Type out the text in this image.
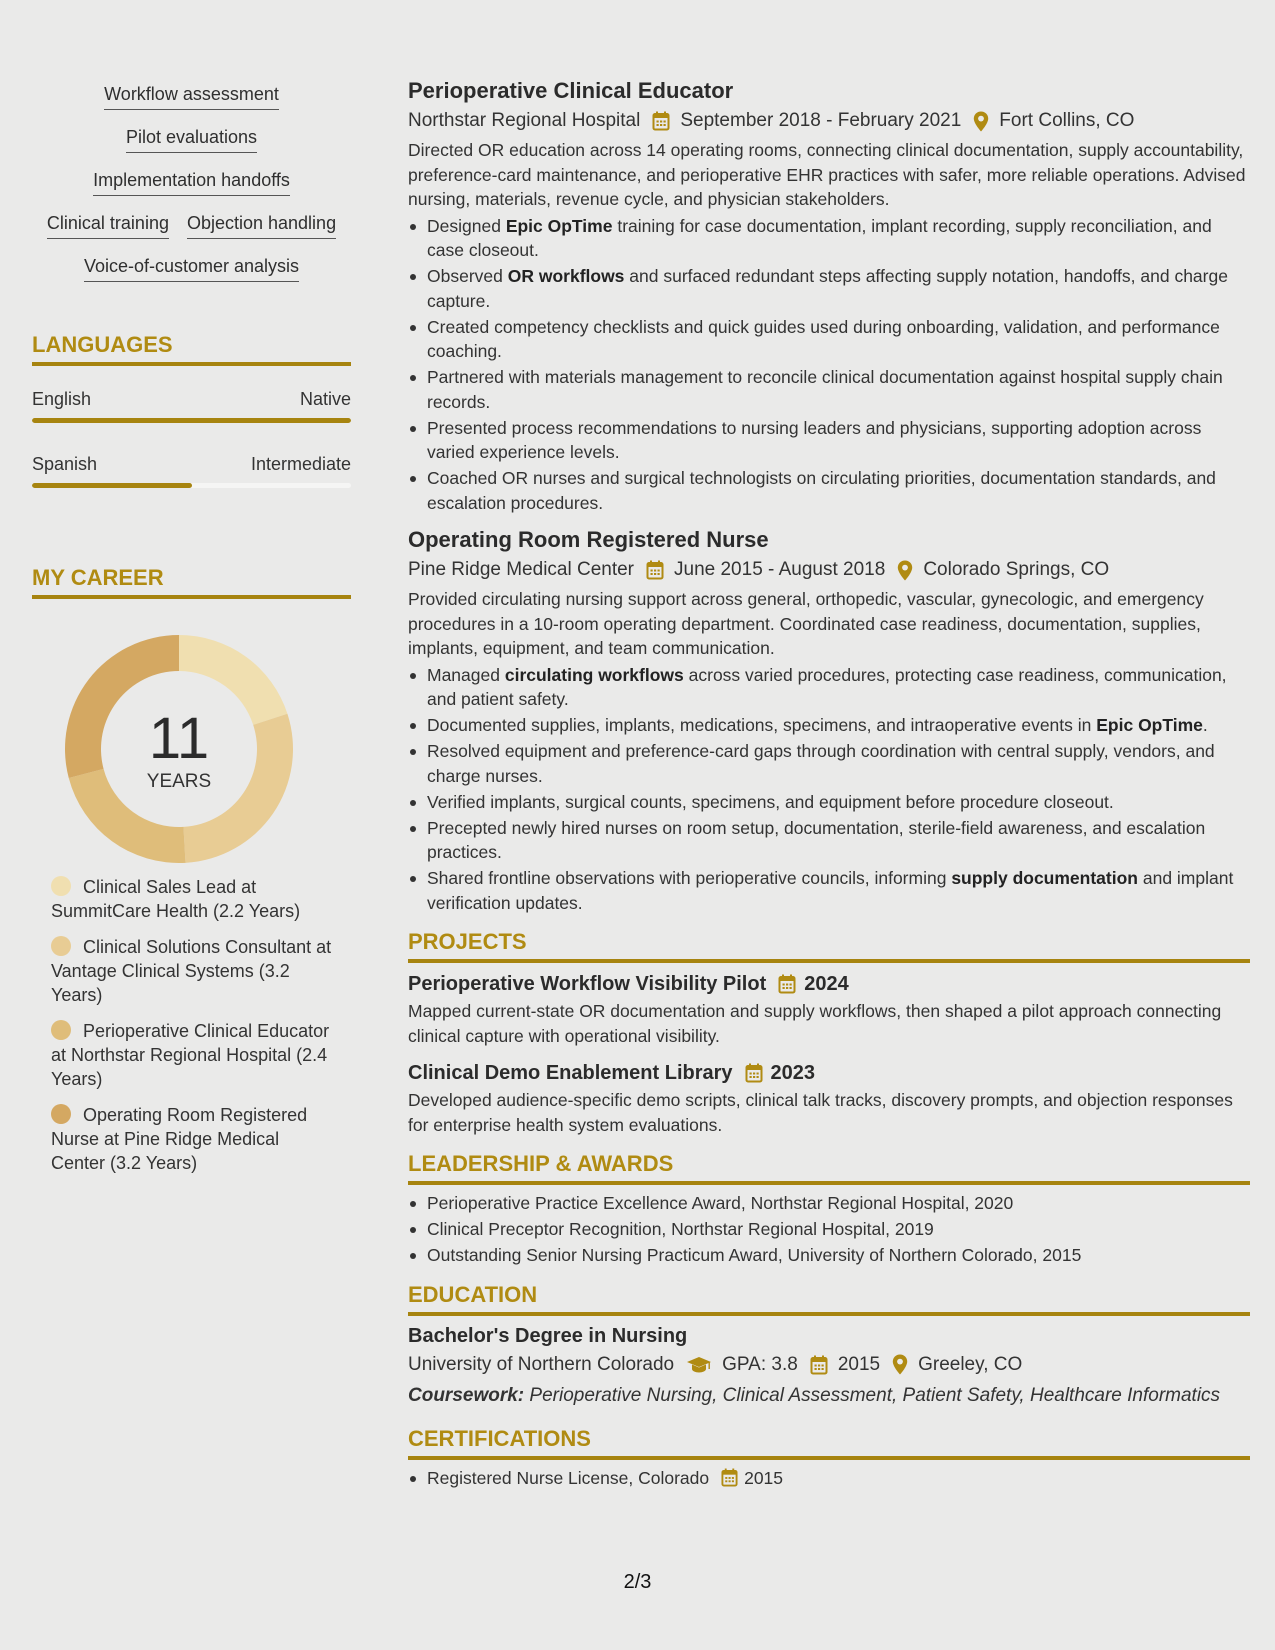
Workflow assessment
Pilot evaluations
Implementation handoffs
Clinical training Objection handling
Voice-of-customer analysis
LANGUAGES
English	Native
Spanish	Intermediate
MY CAREER
11
YEARS
Clinical Sales Lead at SummitCare Health (2.2 Years)
Clinical Solutions Consultant at Vantage Clinical Systems (3.2 Years)
Perioperative Clinical Educator at Northstar Regional Hospital (2.4 Years)
Operating Room Registered Nurse at Pine Ridge Medical Center (3.2 Years)
Perioperative Clinical Educator
Northstar Regional Hospital September 2018 - February 2021 Fort Collins, CO

Directed OR education across 14 operating rooms, connecting clinical documentation, supply accountability, preference-card maintenance, and perioperative EHR practices with safer, more reliable operations. Advised nursing, materials, revenue cycle, and physician stakeholders.

Designed Epic OpTime training for case documentation, implant recording, supply reconciliation, and case closeout.
Observed OR workflows and surfaced redundant steps affecting supply notation, handoffs, and charge capture.
Created competency checklists and quick guides used during onboarding, validation, and performance coaching.
Partnered with materials management to reconcile clinical documentation against hospital supply chain records.
Presented process recommendations to nursing leaders and physicians, supporting adoption across varied experience levels.
Coached OR nurses and surgical technologists on circulating priorities, documentation standards, and escalation procedures.
Operating Room Registered Nurse
Pine Ridge Medical Center June 2015 - August 2018 Colorado Springs, CO

Provided circulating nursing support across general, orthopedic, vascular, gynecologic, and emergency procedures in a 10-room operating department. Coordinated case readiness, documentation, supplies, implants, equipment, and team communication.

Managed circulating workflows across varied procedures, protecting case readiness, communication, and patient safety.
Documented supplies, implants, medications, specimens, and intraoperative events in Epic OpTime.
Resolved equipment and preference-card gaps through coordination with central supply, vendors, and charge nurses.
Verified implants, surgical counts, specimens, and equipment before procedure closeout.
Precepted newly hired nurses on room setup, documentation, sterile-field awareness, and escalation practices.
Shared frontline observations with perioperative councils, informing supply documentation and implant verification updates.
PROJECTS
Perioperative Workflow Visibility Pilot 2024

Mapped current-state OR documentation and supply workflows, then shaped a pilot approach connecting clinical capture with operational visibility.

Clinical Demo Enablement Library 2023

Developed audience-specific demo scripts, clinical talk tracks, discovery prompts, and objection responses for enterprise health system evaluations.

LEADERSHIP & AWARDS
Perioperative Practice Excellence Award, Northstar Regional Hospital, 2020
Clinical Preceptor Recognition, Northstar Regional Hospital, 2019
Outstanding Senior Nursing Practicum Award, University of Northern Colorado, 2015
EDUCATION
Bachelor's Degree in Nursing
University of Northern Colorado	GPA: 3.8 2015 Greeley, CO

Coursework: Perioperative Nursing, Clinical Assessment, Patient Safety, Healthcare Informatics

CERTIFICATIONS
Registered Nurse License, Colorado 2015
2/3
